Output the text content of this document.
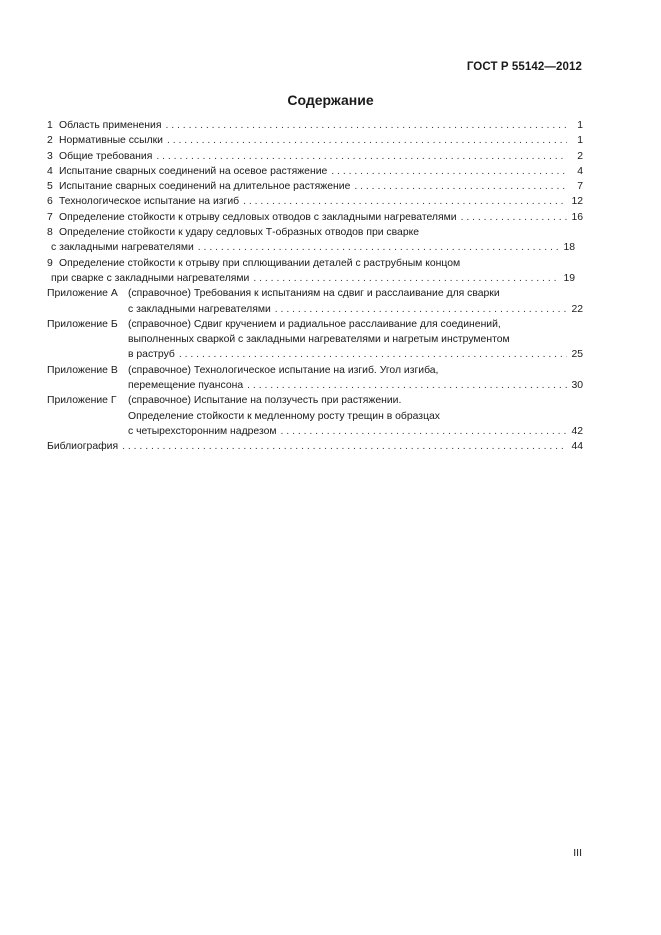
ГОСТ Р 55142—2012
Содержание
1 Область применения . . .	1
2 Нормативные ссылки . . .	1
3 Общие требования . . .	2
4 Испытание сварных соединений на осевое растяжение . . .	4
5 Испытание сварных соединений на длительное растяжение . . .	7
6 Технологическое испытание на изгиб . . .	12
7 Определение стойкости к отрыву седловых отводов с закладными нагревателями . . .	16
8 Определение стойкости к удару седловых Т-образных отводов при сварке
с закладными нагревателями . . .	18
9 Определение стойкости к отрыву при сплющивании деталей с раструбным концом
при сварке с закладными нагревателями . . .	19
Приложение А (справочное) Требования к испытаниям на сдвиг и расслаивание для сварки
с закладными нагревателями . . .	22
Приложение Б (справочное) Сдвиг кручением и радиальное расслаивание для соединений,
выполненных сваркой с закладными нагревателями и нагретым инструментом
в раструб . . .	25
Приложение В (справочное) Технологическое испытание на изгиб. Угол изгиба,
перемещение пуансона . . .	30
Приложение Г	(справочное) Испытание на ползучесть при растяжении.
Определение стойкости к медленному росту трещин в образцах
с четырехсторонним надрезом . . .	42
Библиография . . .	44
III
